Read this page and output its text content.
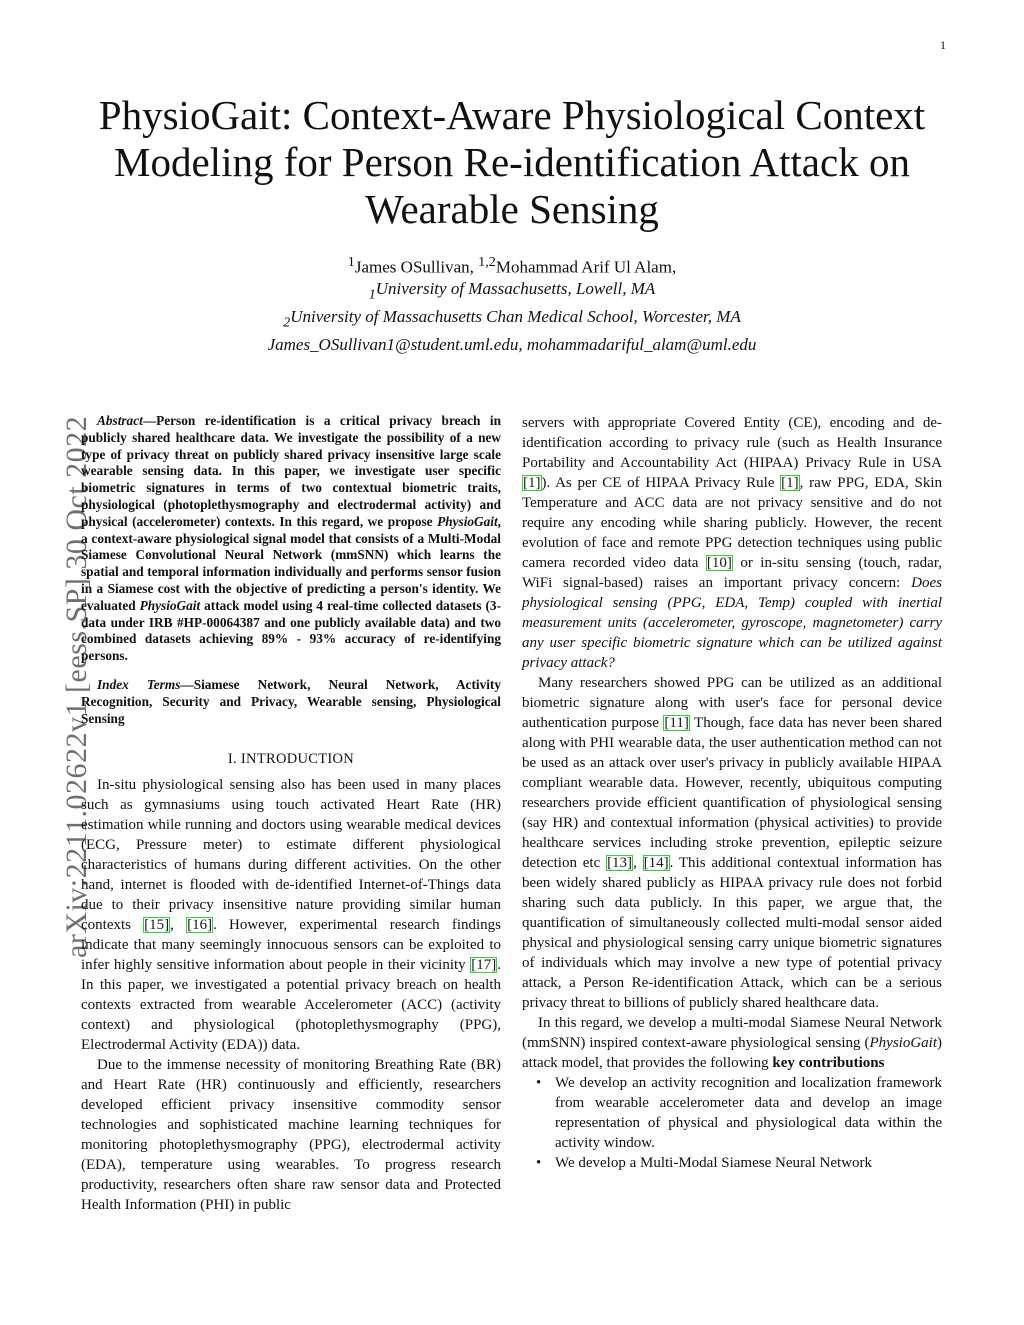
1
arXiv:2211.02622v1 [eess.SP] 30 Oct 2022
PhysioGait: Context-Aware Physiological Context Modeling for Person Re-identification Attack on Wearable Sensing
$^1$James OSullivan, $^{1,2}$Mohammad Arif Ul Alam,
$_1$University of Massachusetts, Lowell, MA
$_2$University of Massachusetts Chan Medical School, Worcester, MA
James_OSullivan1@student.uml.edu, mohammadariful_alam@uml.edu

Abstract—Person re-identification is a critical privacy breach in publicly shared healthcare data. We investigate the possibility of a new type of privacy threat on publicly shared privacy insensitive large scale wearable sensing data. In this paper, we investigate user specific biometric signatures in terms of two contextual biometric traits, physiological (photoplethysmography and electrodermal activity) and physical (accelerometer) contexts. In this regard, we propose PhysioGait, a context-aware physiological signal model that consists of a Multi-Modal Siamese Convolutional Neural Network (mmSNN) which learns the spatial and temporal information individually and performs sensor fusion in a Siamese cost with the objective of predicting a person's identity. We evaluated PhysioGait attack model using 4 real-time collected datasets (3-data under IRB #HP-00064387 and one publicly available data) and two combined datasets achieving 89% - 93% accuracy of re-identifying persons.

Index Terms—Siamese Network, Neural Network, Activity Recognition, Security and Privacy, Wearable sensing, Physiological Sensing

I. INTRODUCTION

In-situ physiological sensing also has been used in many places such as gymnasiums using touch activated Heart Rate (HR) estimation while running and doctors using wearable medical devices (ECG, Pressure meter) to estimate different physiological characteristics of humans during different activities. On the other hand, internet is flooded with de-identified Internet-of-Things data due to their privacy insensitive nature providing similar human contexts [15], [16]. However, experimental research findings indicate that many seemingly innocuous sensors can be exploited to infer highly sensitive information about people in their vicinity [17]. In this paper, we investigated a potential privacy breach on health contexts extracted from wearable Accelerometer (ACC) (activity context) and physiological (photoplethysmography (PPG), Electrodermal Activity (EDA)) data.

Due to the immense necessity of monitoring Breathing Rate (BR) and Heart Rate (HR) continuously and efficiently, researchers developed efficient privacy insensitive commodity sensor technologies and sophisticated machine learning techniques for monitoring photoplethysmography (PPG), electrodermal activity (EDA), temperature using wearables. To progress research productivity, researchers often share raw sensor data and Protected Health Information (PHI) in public

servers with appropriate Covered Entity (CE), encoding and de-identification according to privacy rule (such as Health Insurance Portability and Accountability Act (HIPAA) Privacy Rule in USA [1]). As per CE of HIPAA Privacy Rule [1], raw PPG, EDA, Skin Temperature and ACC data are not privacy sensitive and do not require any encoding while sharing publicly. However, the recent evolution of face and remote PPG detection techniques using public camera recorded video data [10] or in-situ sensing (touch, radar, WiFi signal-based) raises an important privacy concern: Does physiological sensing (PPG, EDA, Temp) coupled with inertial measurement units (accelerometer, gyroscope, magnetometer) carry any user specific biometric signature which can be utilized against privacy attack?

Many researchers showed PPG can be utilized as an additional biometric signature along with user's face for personal device authentication purpose [11] Though, face data has never been shared along with PHI wearable data, the user authentication method can not be used as an attack over user's privacy in publicly available HIPAA compliant wearable data. However, recently, ubiquitous computing researchers provide efficient quantification of physiological sensing (say HR) and contextual information (physical activities) to provide healthcare services including stroke prevention, epileptic seizure detection etc [13], [14]. This additional contextual information has been widely shared publicly as HIPAA privacy rule does not forbid sharing such data publicly. In this paper, we argue that, the quantification of simultaneously collected multi-modal sensor aided physical and physiological sensing carry unique biometric signatures of individuals which may involve a new type of potential privacy attack, a Person Re-identification Attack, which can be a serious privacy threat to billions of publicly shared healthcare data.

In this regard, we develop a multi-modal Siamese Neural Network (mmSNN) inspired context-aware physiological sensing (PhysioGait) attack model, that provides the following key contributions

• We develop an activity recognition and localization framework from wearable accelerometer data and develop an image representation of physical and physiological data within the activity window.
• We develop a Multi-Modal Siamese Neural Network
